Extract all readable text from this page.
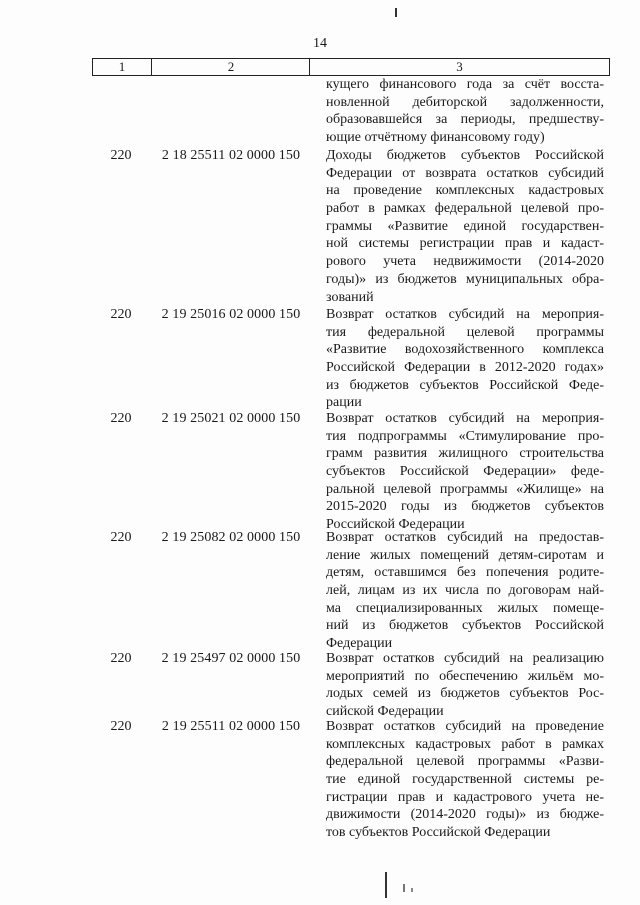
14
1	2	3
кущего финансового года за счёт восста-
новленной дебиторской задолженности,
образовавшейся за периоды, предшеству-
ющие отчётному финансовому году)
220	2 18 25511 02 0000 150	Доходы бюджетов субъектов Российской
Федерации от возврата остатков субсидий
на проведение комплексных кадастровых
работ в рамках федеральной целевой про-
граммы «Развитие единой государствен-
ной системы регистрации прав и кадаст-
рового учета недвижимости (2014-2020
годы)» из бюджетов муниципальных обра-
зований
220	2 19 25016 02 0000 150	Возврат остатков субсидий на мероприя-
тия федеральной целевой программы
«Развитие водохозяйственного комплекса
Российской Федерации в 2012-2020 годах»
из бюджетов субъектов Российской Феде-
рации
220	2 19 25021 02 0000 150	Возврат остатков субсидий на мероприя-
тия подпрограммы «Стимулирование про-
грамм развития жилищного строительства
субъектов Российской Федерации» феде-
ральной целевой программы «Жилище» на
2015-2020 годы из бюджетов субъектов
Российской Федерации
220	2 19 25082 02 0000 150	Возврат остатков субсидий на предостав-
ление жилых помещений детям-сиротам и
детям, оставшимся без попечения родите-
лей, лицам из их числа по договорам най-
ма специализированных жилых помеще-
ний из бюджетов субъектов Российской
Федерации
220	2 19 25497 02 0000 150	Возврат остатков субсидий на реализацию
мероприятий по обеспечению жильём мо-
лодых семей из бюджетов субъектов Рос-
сийской Федерации
220	2 19 25511 02 0000 150	Возврат остатков субсидий на проведение
комплексных кадастровых работ в рамках
федеральной целевой программы «Разви-
тие единой государственной системы ре-
гистрации прав и кадастрового учета не-
движимости (2014-2020 годы)» из бюдже-
тов субъектов Российской Федерации
